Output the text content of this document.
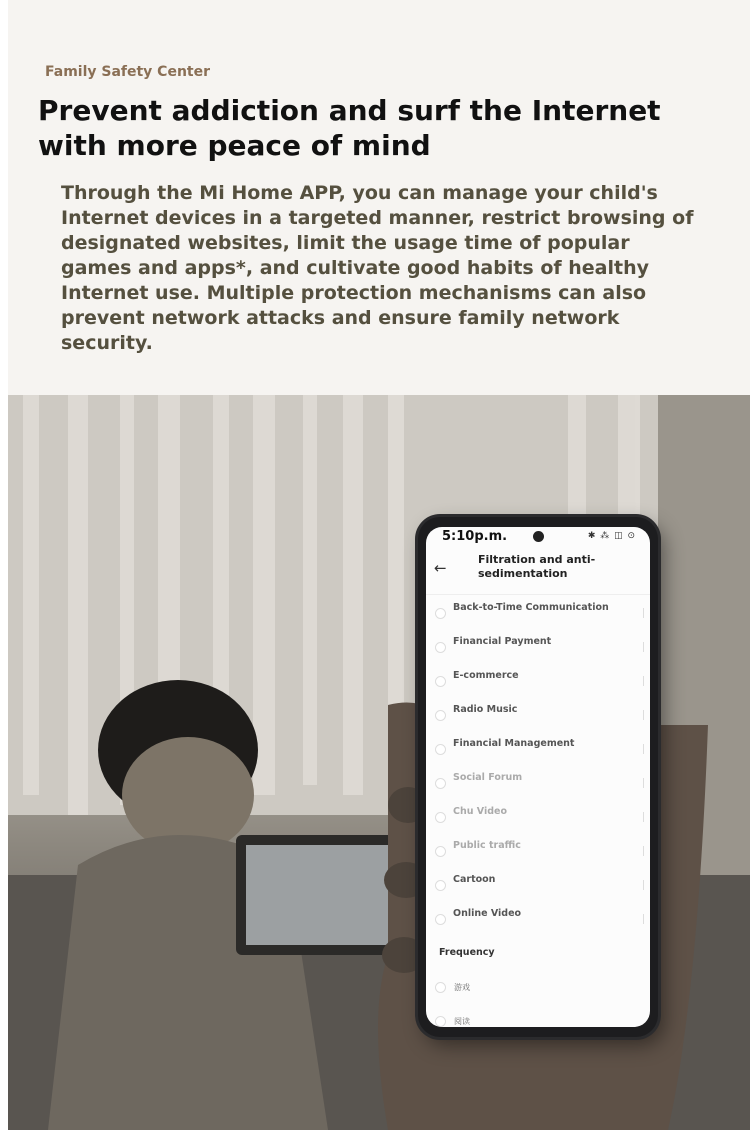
Family Safety Center
Prevent addiction and surf the Internet
with more peace of mind

Through the Mi Home APP, you can manage your child's Internet devices in a targeted manner, restrict browsing of designated websites, limit the usage time of popular games and apps*, and cultivate good habits of healthy Internet use. Multiple protection mechanisms can also prevent network attacks and ensure family network security.

5:10p.m.	✱ ⁂ ◫ ⊙
←	Filtration and anti-sedimentation
Back-to-Time Communication
Financial Payment
E-commerce
Radio Music
Financial Management
Social Forum
Chu Video
Public traffic
Cartoon
Online Video
Frequency
游戏
阅读
